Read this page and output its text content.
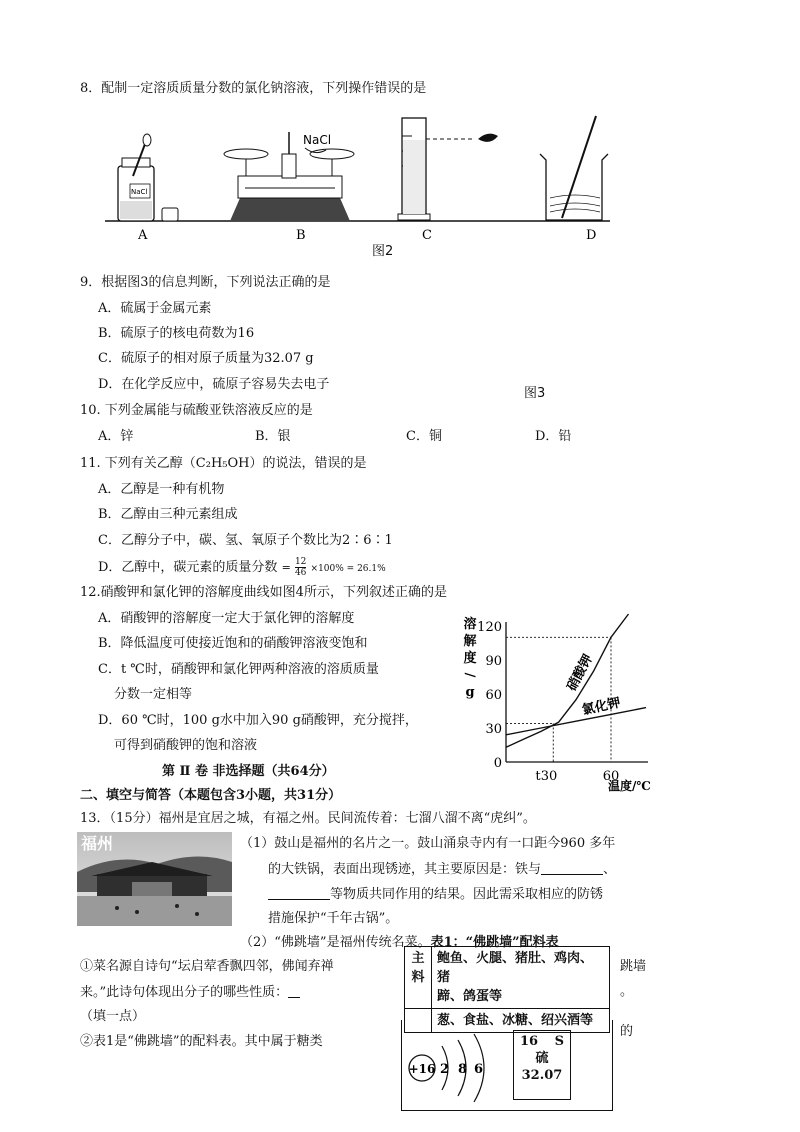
8．配制一定溶质质量分数的氯化钠溶液，下列操作错误的是
NaCl
NaCl
A	B	C	D
图2
9．根据图3的信息判断，下列说法正确的是
A．硫属于金属元素
B．硫原子的核电荷数为16
C．硫原子的相对原子质量为32.07 g
D．在化学反应中，硫原子容易失去电子
图3
10. 下列金属能与硫酸亚铁溶液反应的是
A．锌	B．银	C．铜	D．铅
11. 下列有关乙醇（C₂H₅OH）的说法，错误的是
A．乙醇是一种有机物
B．乙醇由三种元素组成
C．乙醇分子中，碳、氢、氧原子个数比为2∶6∶1
D．乙醇中，碳元素的质量分数 = $\frac{12}{46} \times 100\% = 26.1\%$
12.硝酸钾和氯化钾的溶解度曲线如图4所示，下列叙述正确的是
A．硝酸钾的溶解度一定大于氯化钾的溶解度
B．降低温度可使接近饱和的硝酸钾溶液变饱和
C．t ℃时，硝酸钾和氯化钾两种溶液的溶质质量
分数一定相等
D．60 ℃时，100 g水中加入90 g硝酸钾，充分搅拌，
可得到硝酸钾的饱和溶液
溶
解
度
/
g
0
30
60
90
120
t 30	60
温度/℃
硝酸钾
氯化钾
第 Ⅱ 卷 非选择题（共64分）
二、填空与简答（本题包含3小题，共31分）
13．（15分）福州是宜居之城，有福之州。民间流传着：七溜八溜不离“虎纠”。
福州	（1）鼓山是福州的名片之一。鼓山涌泉寺内有一口距今960 多年
的大铁锅，表面出现锈迹，其主要原因是：铁与	、
等物质共同作用的结果。因此需采取相应的防锈
措施保护“千年古锅”。
（2）“佛跳墙”是福州传统名菜。表1：“佛跳墙”配料表
①菜名源自诗句“坛启荤香飘四邻，佛闻弃禅
来。”此诗句体现出分子的哪些性质：
（填一点）
跳墙
。
②表1是“佛跳墙”的配料表。其中属于糖类
的
主
料	鲍鱼、火腿、猪肚、鸡肉、猪
蹄、鸽蛋等
	葱、食盐、冰糖、绍兴酒等
+16 2 8 6
16 S
硫
32.07
